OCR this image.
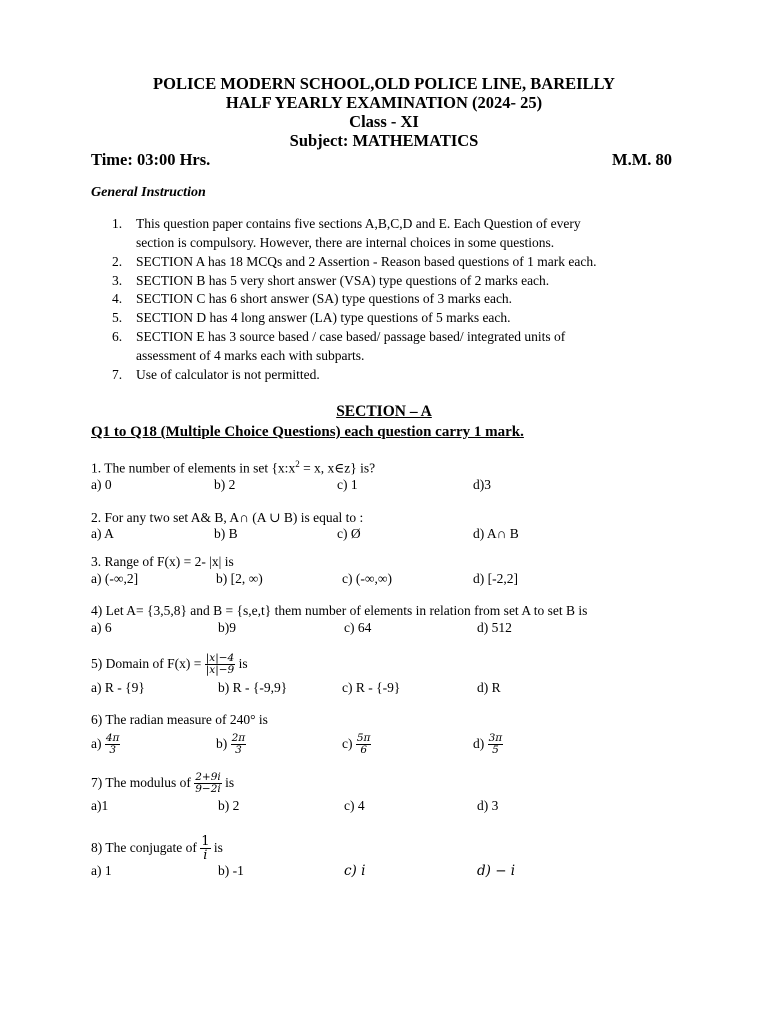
POLICE MODERN SCHOOL,OLD POLICE LINE, BAREILLY
HALF YEARLY EXAMINATION (2024- 25)
Class - XI
Subject: MATHEMATICS
Time: 03:00 Hrs.	M.M. 80
General Instruction
1. This question paper contains five sections A,B,C,D and E. Each Question of every
section is compulsory. However, there are internal choices in some questions.
2. SECTION A has 18 MCQs and 2 Assertion - Reason based questions of 1 mark each.
3. SECTION B has 5 very short answer (VSA) type questions of 2 marks each.
4. SECTION C has 6 short answer (SA) type questions of 3 marks each.
5. SECTION D has 4 long answer (LA) type questions of 5 marks each.
6. SECTION E has 3 source based / case based/ passage based/ integrated units of
assessment of 4 marks each with subparts.
7. Use of calculator is not permitted.
SECTION – A
Q1 to Q18 (Multiple Choice Questions) each question carry 1 mark.
1. The number of elements in set {$x:x^2 = x$, x∈z} is?
a) 0	b) 2	c) 1	d)3
2. For any two set A& B, A∩ (A ∪ B) is equal to :
a) A	b) B	c) Ø	d) A∩ B
3. Range of F(x) = 2- |x| is
a) (-∞,2]	b) [2, ∞)	c) (-∞,∞)	d) [-2,2]
4) Let A= {3,5,8} and B = {s,e,t} them number of elements in relation from set A to set B is
a) 6	b)9	c) 64	d) 512
5) Domain of $F(x) = \frac{|x|-4}{|x|-9}$ is
a) R - {9}	b) R - {-9,9}	c) R - {-9}	d) R
6) The radian measure of 240° is
$a) \frac{4\pi}{3}$	$b) \frac{2\pi}{3}$	$c) \frac{5\pi}{6}$	$d) \frac{3\pi}{5}$
7) The modulus of $\frac{2+9i}{9-2i}$ is
a)1	b) 2	c) 4	d) 3
8) The conjugate of $\frac{1}{i}$ is
a) 1	b) -1	c) i	d) − i
